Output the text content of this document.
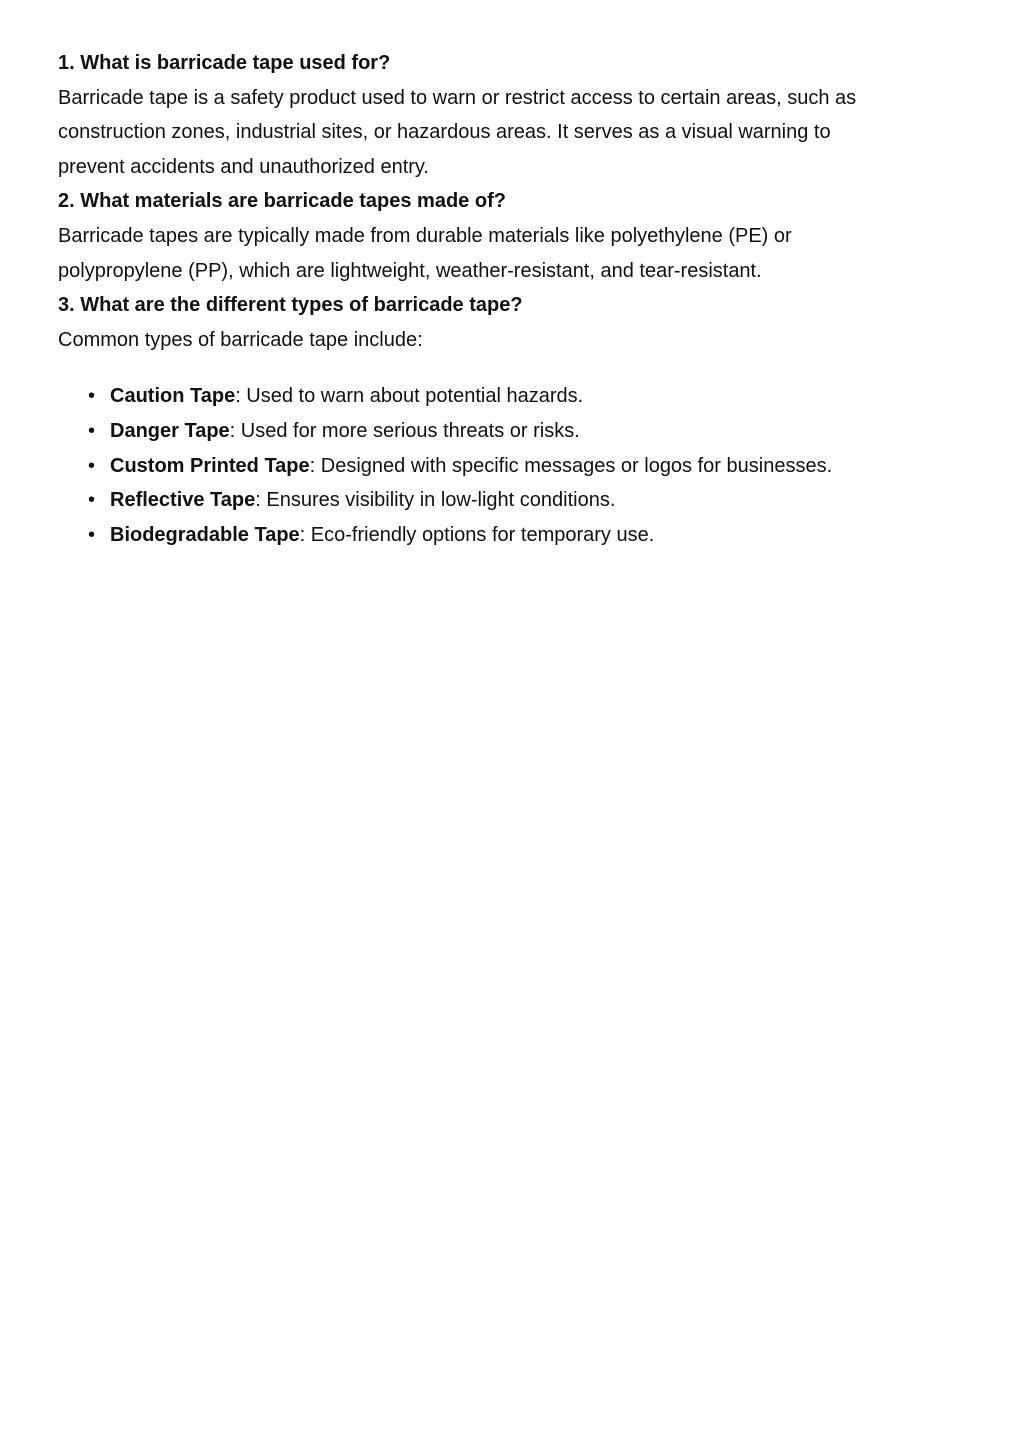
1. What is barricade tape used for?

Barricade tape is a safety product used to warn or restrict access to certain areas, such as
construction zones, industrial sites, or hazardous areas. It serves as a visual warning to
prevent accidents and unauthorized entry.

2. What materials are barricade tapes made of?

Barricade tapes are typically made from durable materials like polyethylene (PE) or
polypropylene (PP), which are lightweight, weather-resistant, and tear-resistant.

3. What are the different types of barricade tape?

Common types of barricade tape include:

• Caution Tape: Used to warn about potential hazards.
• Danger Tape: Used for more serious threats or risks.
• Custom Printed Tape: Designed with specific messages or logos for businesses.
• Reflective Tape: Ensures visibility in low-light conditions.
• Biodegradable Tape: Eco-friendly options for temporary use.
